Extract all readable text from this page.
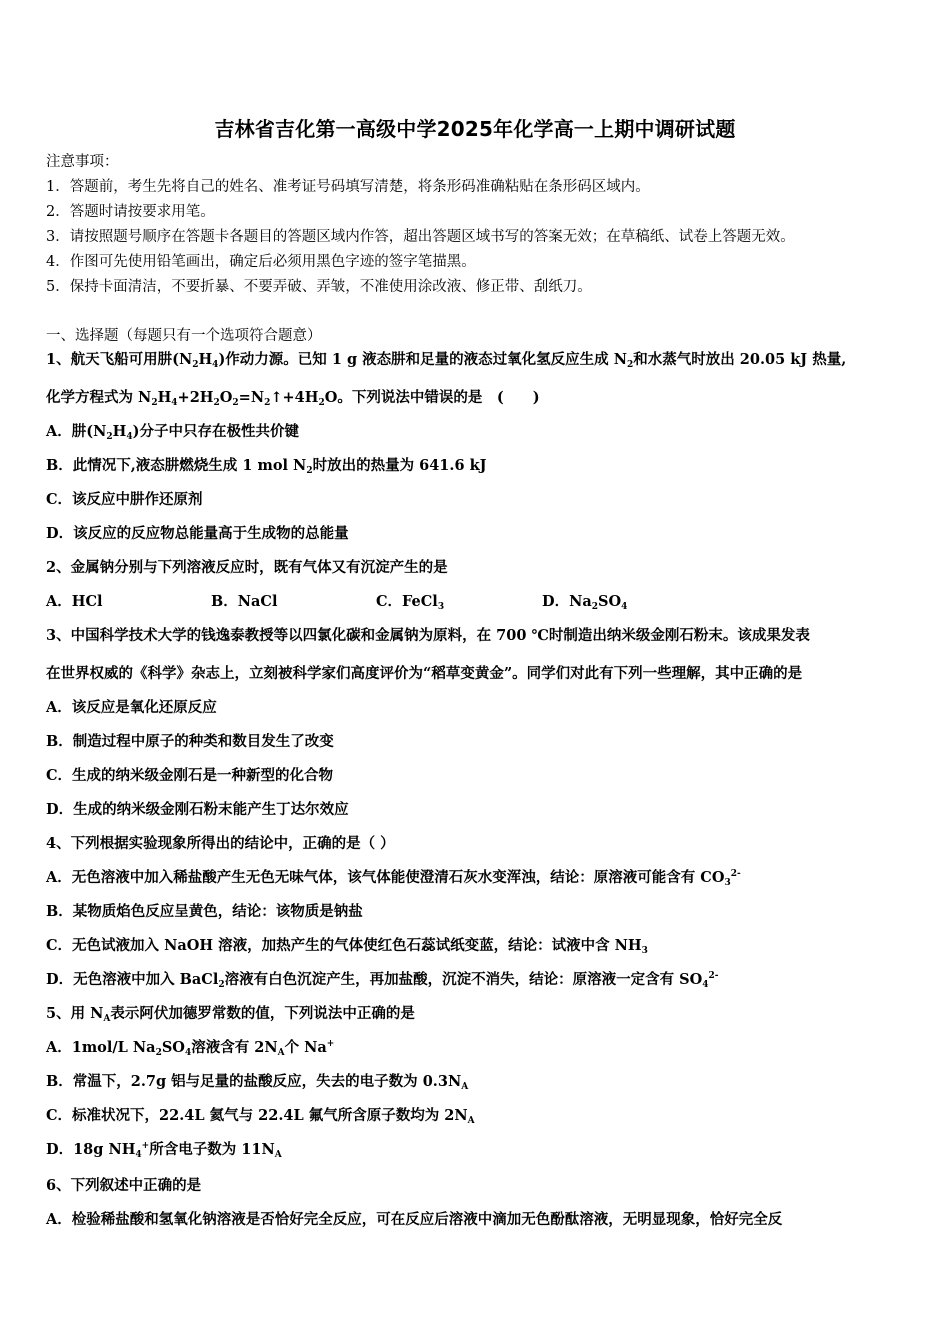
吉林省吉化第一高级中学2025年化学高一上期中调研试题
注意事项：
1．答题前，考生先将自己的姓名、准考证号码填写清楚，将条形码准确粘贴在条形码区域内。
2．答题时请按要求用笔。
3．请按照题号顺序在答题卡各题目的答题区域内作答，超出答题区域书写的答案无效；在草稿纸、试卷上答题无效。
4．作图可先使用铅笔画出，确定后必须用黑色字迹的签字笔描黑。
5．保持卡面清洁，不要折暴、不要弄破、弄皱，不准使用涂改液、修正带、刮纸刀。
一、选择题（每题只有一个选项符合题意）
1、航天飞船可用肼$(N_2H_4)$作动力源。已知 1 g 液态肼和足量的液态过氧化氢反应生成 $N_2$和水蒸气时放出 20.05 kJ 热量,
化学方程式为 $N_2H_4+2H_2O_2=N_2↑+4H_2O$。下列说法中错误的是　(　　)
A．肼$(N_2H_4)$分子中只存在极性共价键
B．此情况下,液态肼燃烧生成 1 mol $N_2$时放出的热量为 641.6 kJ
C．该反应中肼作还原剂
D．该反应的反应物总能量高于生成物的总能量
2、金属钠分别与下列溶液反应时，既有气体又有沉淀产生的是
A．HCl	B．NaCl	C．FeCl$_3$	D．$Na_2SO_4$
3、中国科学技术大学的钱逸泰教授等以四氯化碳和金属钠为原料，在 700 ℃时制造出纳米级金刚石粉末。该成果发表
在世界权威的《科学》杂志上，立刻被科学家们高度评价为“稻草变黄金”。同学们对此有下列一些理解，其中正确的是
A．该反应是氧化还原反应
B．制造过程中原子的种类和数目发生了改变
C．生成的纳米级金刚石是一种新型的化合物
D．生成的纳米级金刚石粉末能产生丁达尔效应
4、下列根据实验现象所得出的结论中，正确的是（ ）
A．无色溶液中加入稀盐酸产生无色无味气体，该气体能使澄清石灰水变浑浊，结论：原溶液可能含有 $CO_3^{2-}$
B．某物质焰色反应呈黄色，结论：该物质是钠盐
C．无色试液加入 NaOH 溶液，加热产生的气体使红色石蕊试纸变蓝，结论：试液中含 $NH_3$
D．无色溶液中加入 BaCl$_2$溶液有白色沉淀产生，再加盐酸，沉淀不消失，结论：原溶液一定含有 $SO_4^{2-}$
5、用 $N_A$表示阿伏加德罗常数的值，下列说法中正确的是
A．1mol/L $Na_2SO_4$溶液含有 $2N_A$个 Na+
B．常温下，2.7g 铝与足量的盐酸反应，失去的电子数为 $0.3N_A$
C．标准状况下，22.4L 氦气与 22.4L 氟气所含原子数均为 $2N_A$
D．18g $NH_4^+$所含电子数为 $11N_A$
6、下列叙述中正确的是
A．检验稀盐酸和氢氧化钠溶液是否恰好完全反应，可在反应后溶液中滴加无色酚酞溶液，无明显现象，恰好完全反
